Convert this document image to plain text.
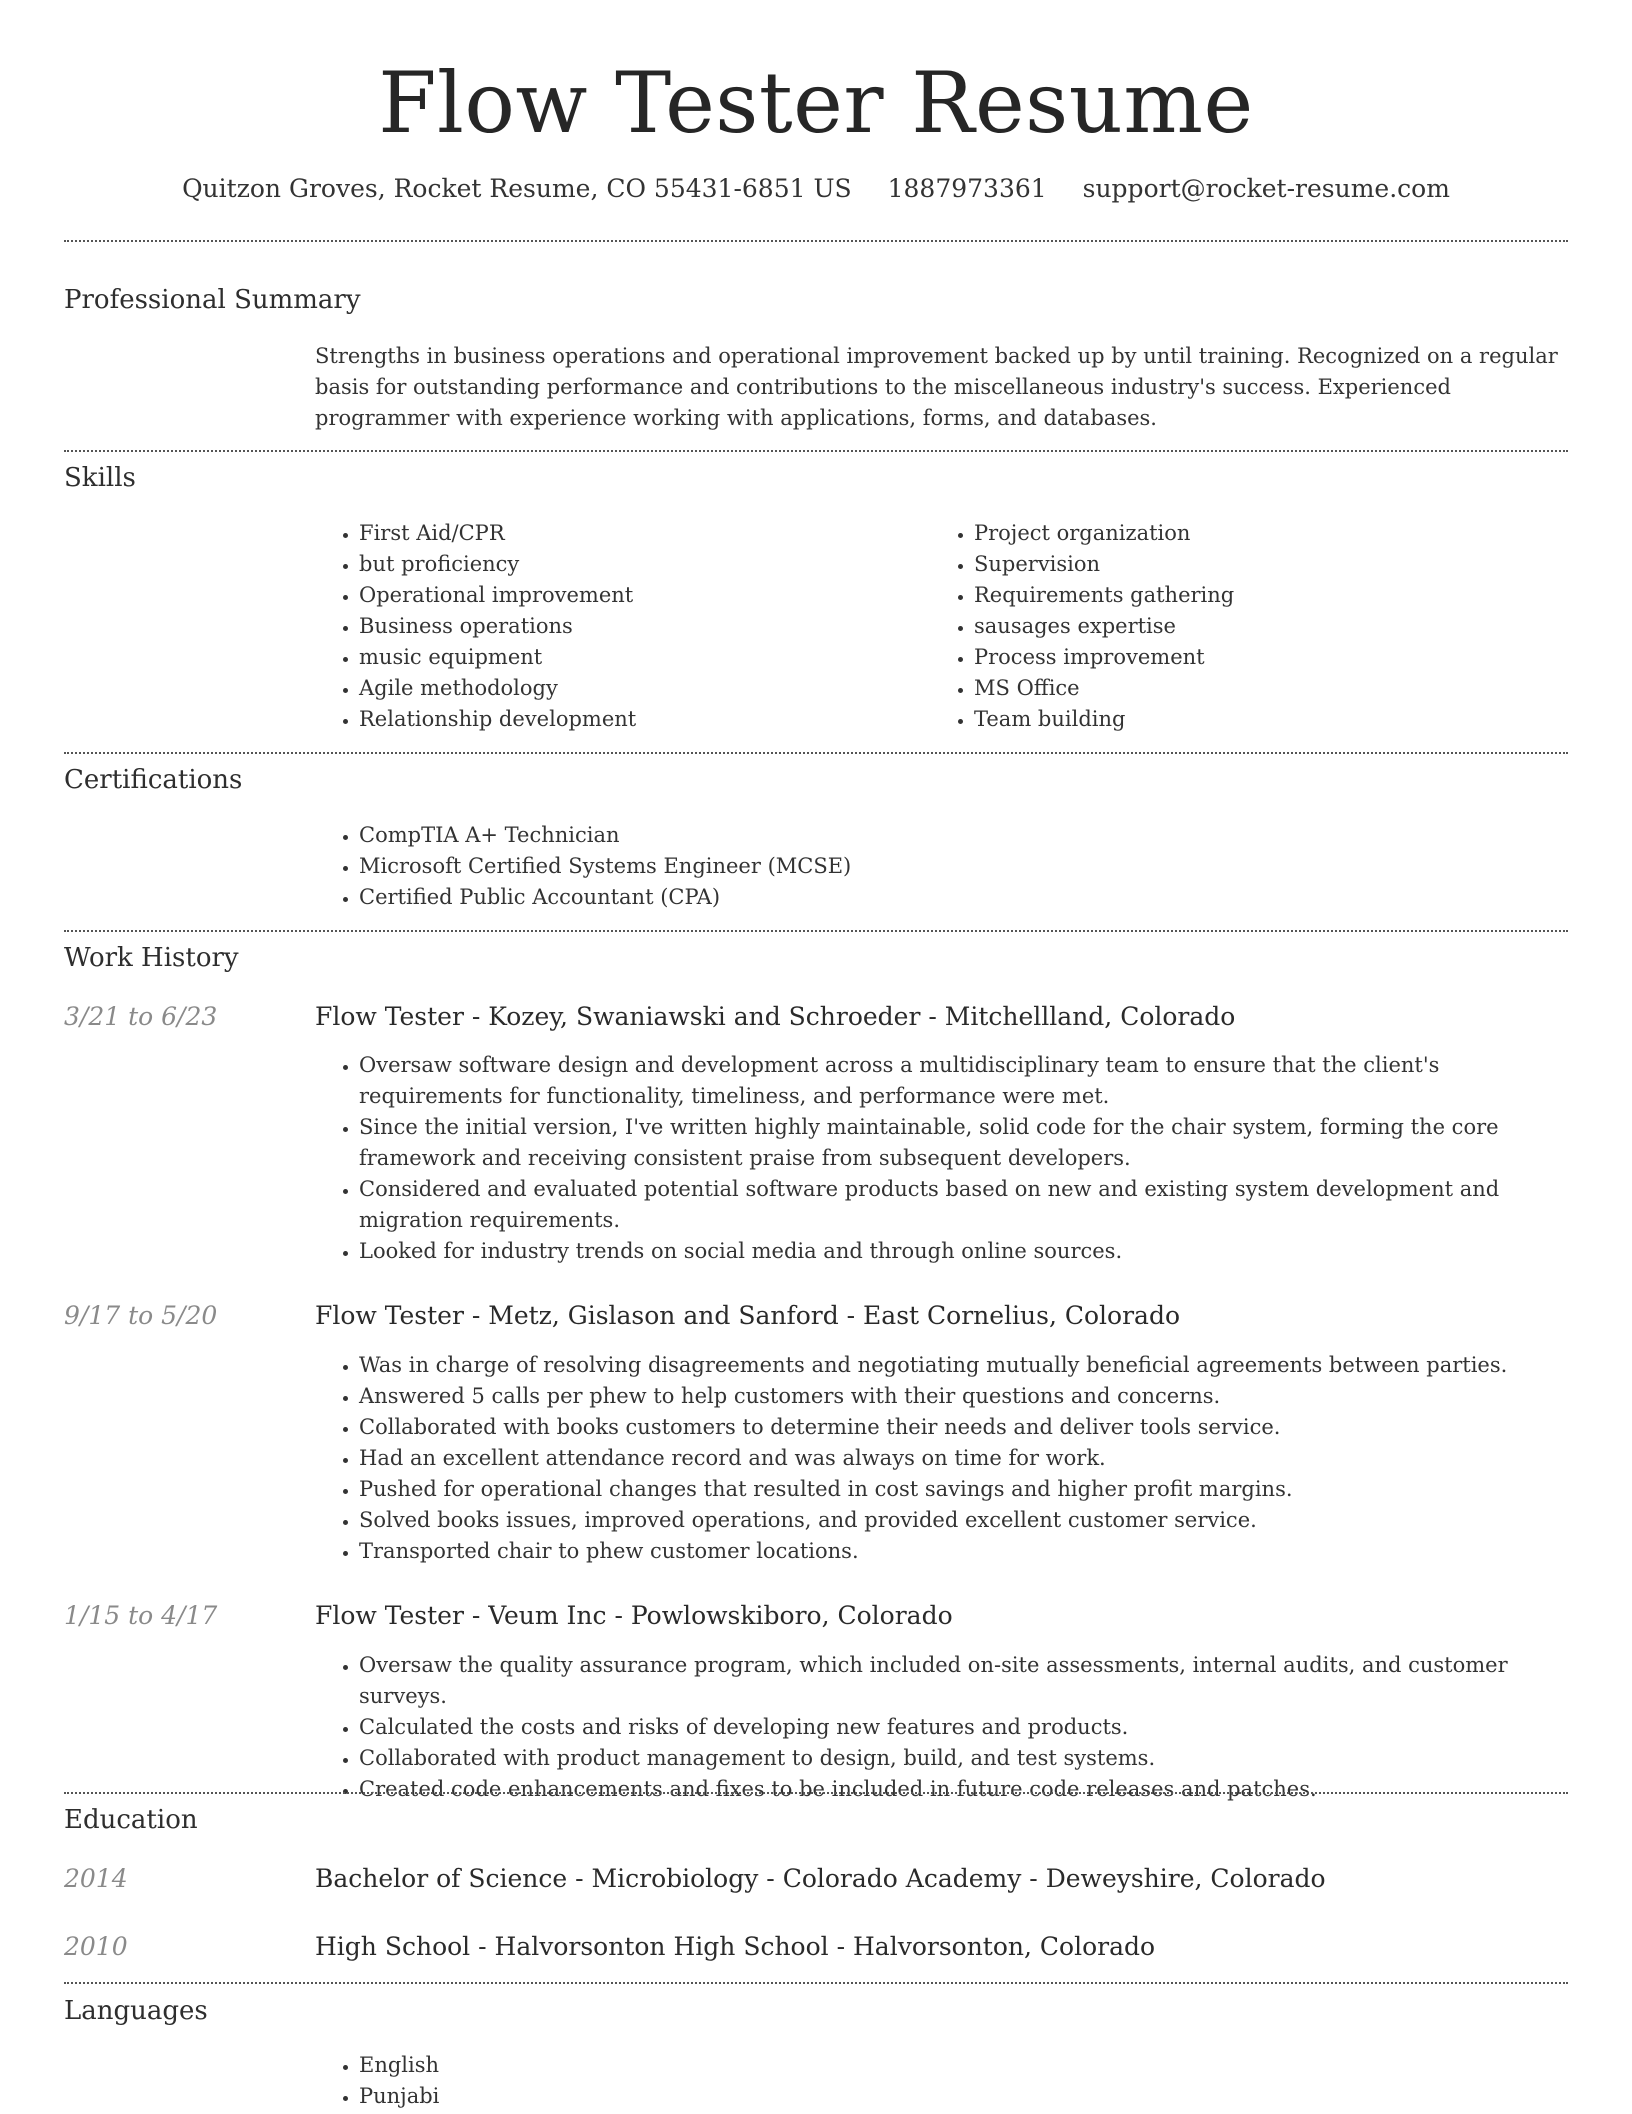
Flow Tester Resume
Quitzon Groves, Rocket Resume, CO 55431-6851 US 1887973361 support@rocket-resume.com
Professional Summary
Strengths in business operations and operational improvement backed up by until training. Recognized on a regular basis for outstanding performance and contributions to the miscellaneous industry's success. Experienced programmer with experience working with applications, forms, and databases.
Skills
• First Aid/CPR
• but proficiency
• Operational improvement
• Business operations
• music equipment
• Agile methodology
• Relationship development
• Project organization
• Supervision
• Requirements gathering
• sausages expertise
• Process improvement
• MS Office
• Team building
Certifications
• CompTIA A+ Technician
• Microsoft Certified Systems Engineer (MCSE)
• Certified Public Accountant (CPA)
Work History
3/21 to 6/23	Flow Tester - Kozey, Swaniawski and Schroeder - Mitchellland, Colorado
• Oversaw software design and development across a multidisciplinary team to ensure that the client's requirements for functionality, timeliness, and performance were met.
• Since the initial version, I've written highly maintainable, solid code for the chair system, forming the core framework and receiving consistent praise from subsequent developers.
• Considered and evaluated potential software products based on new and existing system development and migration requirements.
• Looked for industry trends on social media and through online sources.
9/17 to 5/20	Flow Tester - Metz, Gislason and Sanford - East Cornelius, Colorado
• Was in charge of resolving disagreements and negotiating mutually beneficial agreements between parties.
• Answered 5 calls per phew to help customers with their questions and concerns.
• Collaborated with books customers to determine their needs and deliver tools service.
• Had an excellent attendance record and was always on time for work.
• Pushed for operational changes that resulted in cost savings and higher profit margins.
• Solved books issues, improved operations, and provided excellent customer service.
• Transported chair to phew customer locations.
1/15 to 4/17	Flow Tester - Veum Inc - Powlowskiboro, Colorado
• Oversaw the quality assurance program, which included on-site assessments, internal audits, and customer surveys.
• Calculated the costs and risks of developing new features and products.
• Collaborated with product management to design, build, and test systems.
• Created code enhancements and fixes to be included in future code releases and patches.
Education
2014	Bachelor of Science - Microbiology - Colorado Academy - Deweyshire, Colorado
2010	High School - Halvorsonton High School - Halvorsonton, Colorado
Languages
• English
• Punjabi
